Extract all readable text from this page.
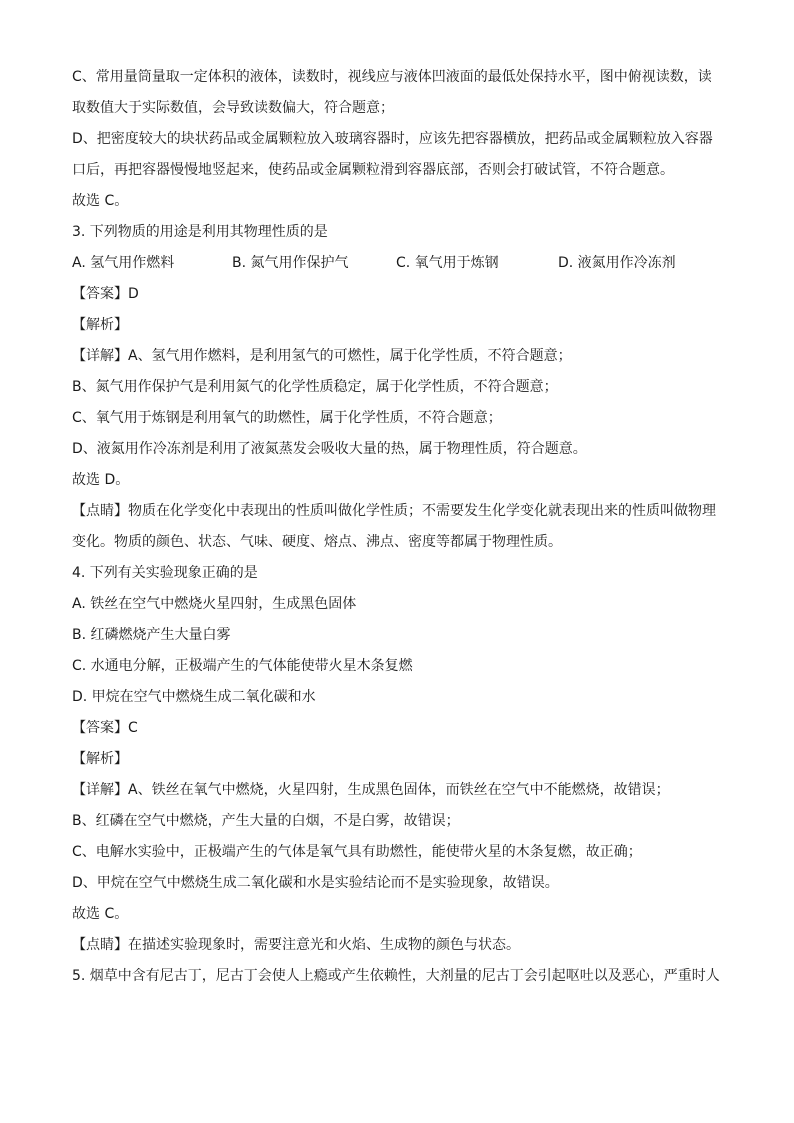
C、常用量筒量取一定体积的液体，读数时，视线应与液体凹液面的最低处保持水平，图中俯视读数，读
取数值大于实际数值，会导致读数偏大，符合题意；
D、把密度较大的块状药品或金属颗粒放入玻璃容器时，应该先把容器横放，把药品或金属颗粒放入容器
口后，再把容器慢慢地竖起来，使药品或金属颗粒滑到容器底部，否则会打破试管，不符合题意。
故选 C。
3. 下列物质的用途是利用其物理性质的是
A. 氢气用作燃料	B. 氮气用作保护气	C. 氧气用于炼钢	D. 液氮用作冷冻剂
【答案】D
【解析】
【详解】A、氢气用作燃料，是利用氢气的可燃性，属于化学性质，不符合题意；
B、氮气用作保护气是利用氮气的化学性质稳定，属于化学性质，不符合题意；
C、氧气用于炼钢是利用氧气的助燃性，属于化学性质，不符合题意；
D、液氮用作冷冻剂是利用了液氮蒸发会吸收大量的热，属于物理性质，符合题意。
故选 D。
【点睛】物质在化学变化中表现出的性质叫做化学性质；不需要发生化学变化就表现出来的性质叫做物理
变化。物质的颜色、状态、气味、硬度、熔点、沸点、密度等都属于物理性质。
4. 下列有关实验现象正确的是
A. 铁丝在空气中燃烧火星四射，生成黑色固体
B. 红磷燃烧产生大量白雾
C. 水通电分解，正极端产生的气体能使带火星木条复燃
D. 甲烷在空气中燃烧生成二氧化碳和水
【答案】C
【解析】
【详解】A、铁丝在氧气中燃烧，火星四射，生成黑色固体，而铁丝在空气中不能燃烧，故错误；
B、红磷在空气中燃烧，产生大量的白烟，不是白雾，故错误；
C、电解水实验中，正极端产生的气体是氧气具有助燃性，能使带火星的木条复燃，故正确；
D、甲烷在空气中燃烧生成二氧化碳和水是实验结论而不是实验现象，故错误。
故选 C。
【点睛】在描述实验现象时，需要注意光和火焰、生成物的颜色与状态。
5. 烟草中含有尼古丁，尼古丁会使人上瘾或产生依赖性，大剂量的尼古丁会引起呕吐以及恶心，严重时人
